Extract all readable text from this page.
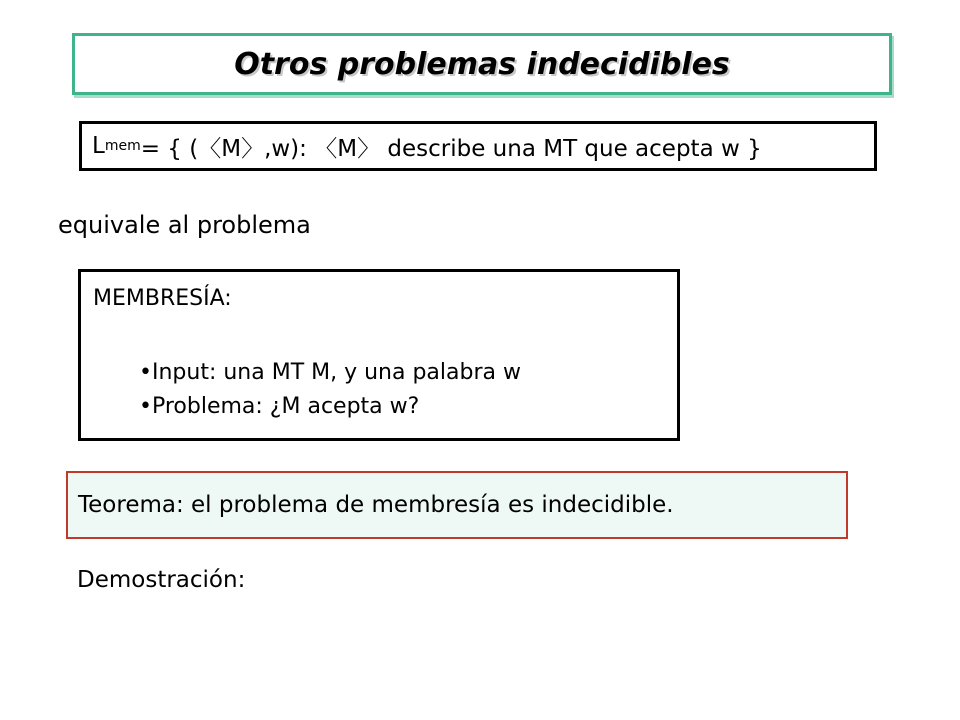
Otros problemas indecidibles
L mem = { (〈M〉,w): 〈M〉 describe una MT que acepta w }
equivale al problema
MEMBRESÍA:
•Input: una MT M, y una palabra w
•Problema: ¿M acepta w?
Teorema: el problema de membresía es indecidible.
Demostración:
